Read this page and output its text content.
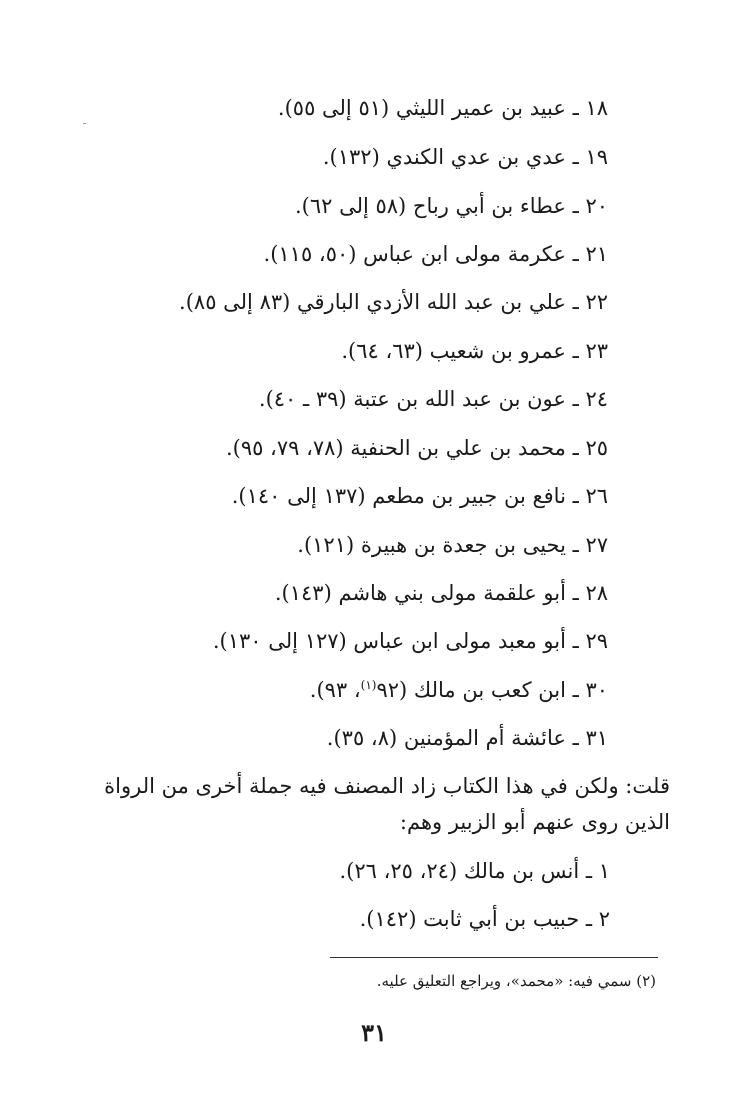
١٨ ـ عبيد بن عمير الليثي (٥١ إلى ٥٥).
١٩ ـ عدي بن عدي الكندي (١٣٢).
٢٠ ـ عطاء بن أبي رباح (٥٨ إلى ٦٢).
٢١ ـ عكرمة مولى ابن عباس (٥٠، ١١٥).
٢٢ ـ علي بن عبد الله الأزدي البارقي (٨٣ إلى ٨٥).
٢٣ ـ عمرو بن شعيب (٦٣، ٦٤).
٢٤ ـ عون بن عبد الله بن عتبة (٣٩ ـ ٤٠).
٢٥ ـ محمد بن علي بن الحنفية (٧٨، ٧٩، ٩٥).
٢٦ ـ نافع بن جبير بن مطعم (١٣٧ إلى ١٤٠).
٢٧ ـ يحيى بن جعدة بن هبيرة (١٢١).
٢٨ ـ أبو علقمة مولى بني هاشم (١٤٣).
٢٩ ـ أبو معبد مولى ابن عباس (١٢٧ إلى ١٣٠).
٣٠ ـ ابن كعب بن مالك (٩٢$^{(١)}$، ٩٣).
٣١ ـ عائشة أم المؤمنين (٨، ٣٥).
قلت: ولكن في هذا الكتاب زاد المصنف فيه جملة أخرى من الرواة
الذين روى عنهم أبو الزبير وهم:
١ ـ أنس بن مالك (٢٤، ٢٥، ٢٦).
٢ ـ حبيب بن أبي ثابت (١٤٢).
(٢) سمي فيه: «محمد»، ويراجع التعليق عليه.
٣١
